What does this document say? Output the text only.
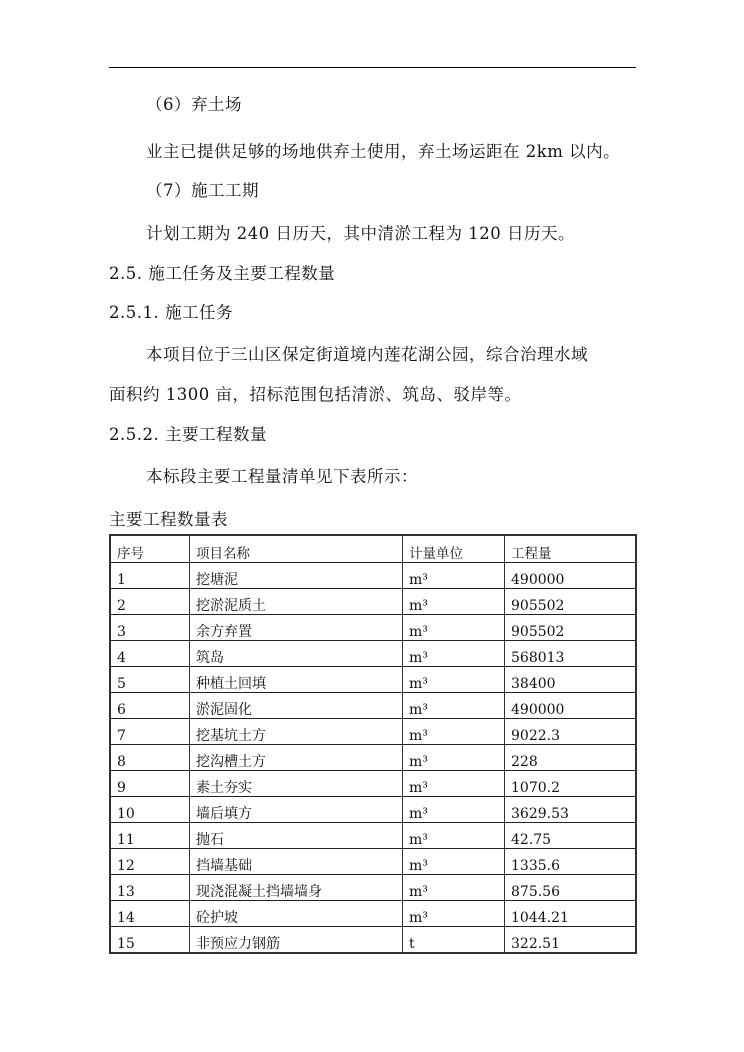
（6）弃土场
业主已提供足够的场地供弃土使用，弃土场运距在 2km 以内。
（7）施工工期
计划工期为 240 日历天，其中清淤工程为 120 日历天。
2.5. 施工任务及主要工程数量
2.5.1. 施工任务
本项目位于三山区保定街道境内莲花湖公园，综合治理水域
面积约 1300 亩，招标范围包括清淤、筑岛、驳岸等。
2.5.2. 主要工程数量
本标段主要工程量清单见下表所示：
主要工程数量表
序号	项目名称	计量单位	工程量
1	挖塘泥	m³	490000
2	挖淤泥质土	m³	905502
3	余方弃置	m³	905502
4	筑岛	m³	568013
5	种植土回填	m³	38400
6	淤泥固化	m³	490000
7	挖基坑土方	m³	9022.3
8	挖沟槽土方	m³	228
9	素土夯实	m³	1070.2
10	墙后填方	m³	3629.53
11	抛石	m³	42.75
12	挡墙基础	m³	1335.6
13	现浇混凝土挡墙墙身	m³	875.56
14	砼护坡	m³	1044.21
15	非预应力钢筋	t	322.51
